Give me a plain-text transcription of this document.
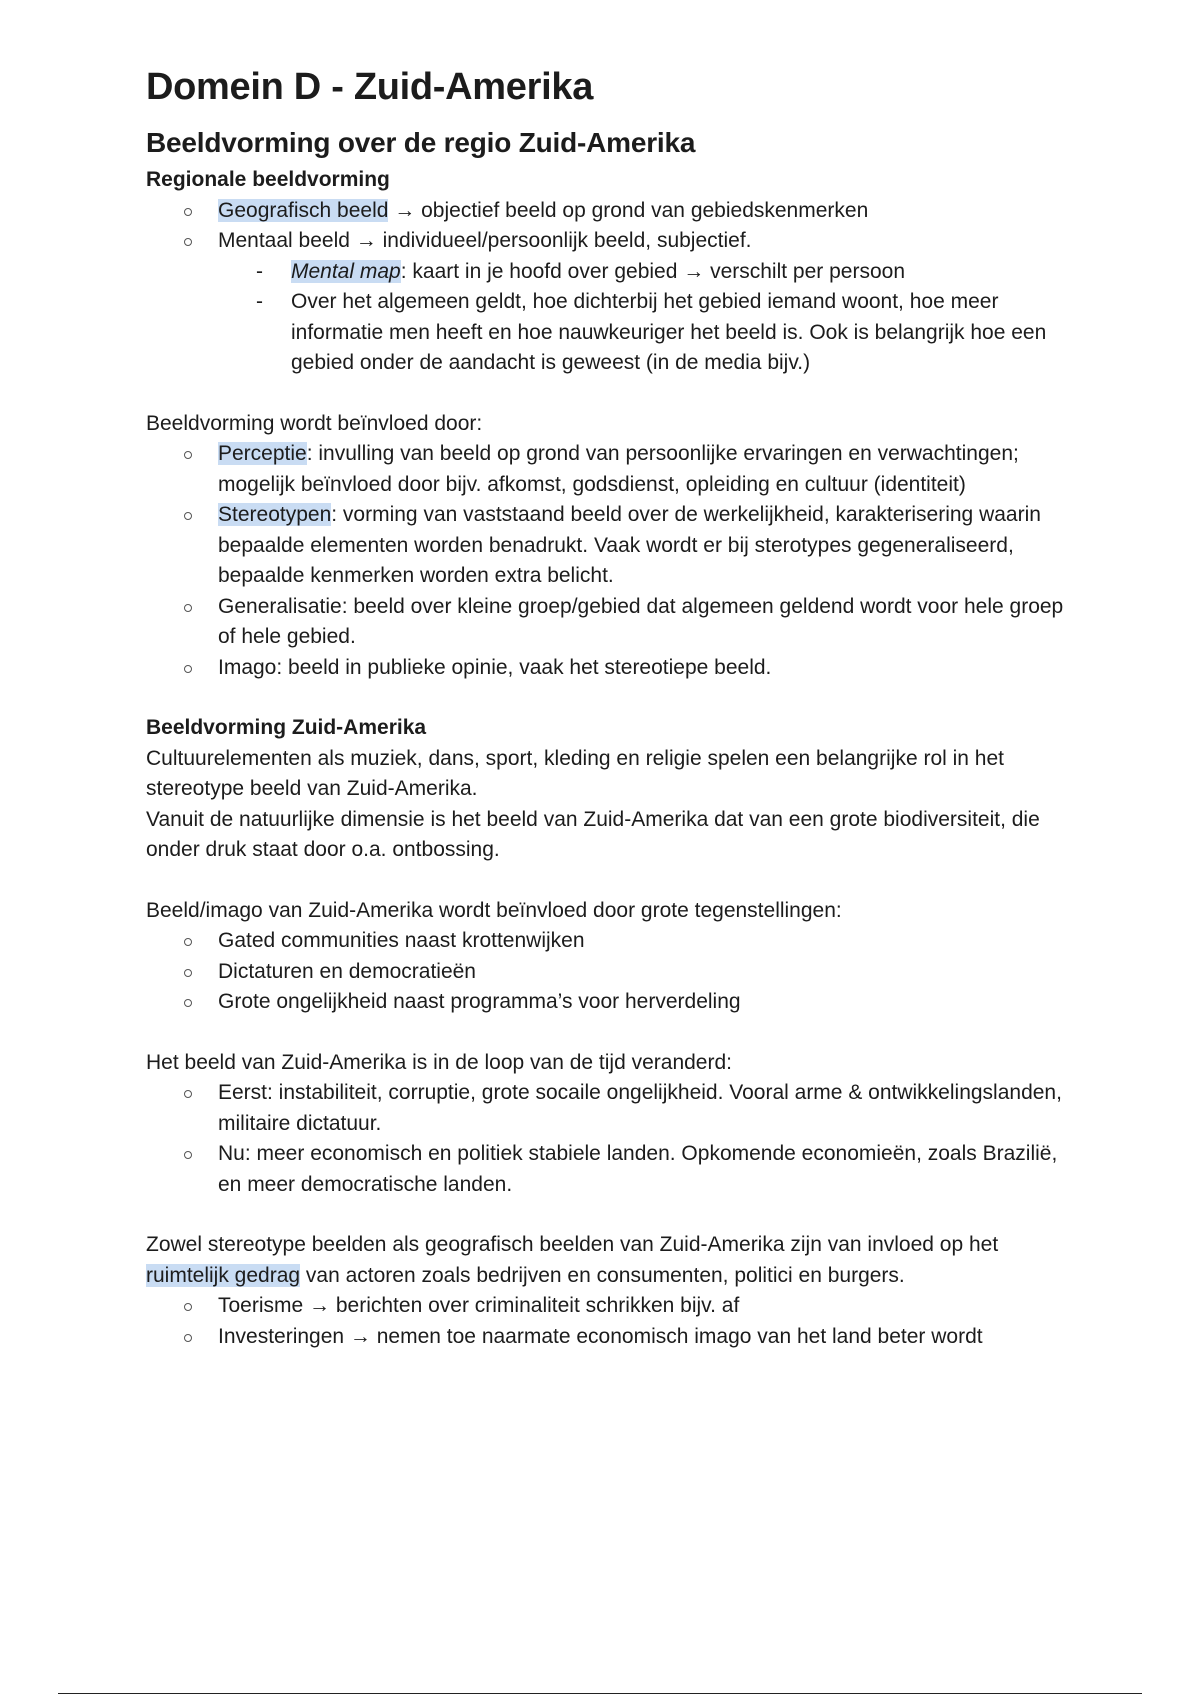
Domein D - Zuid-Amerika
Beeldvorming over de regio Zuid-Amerika

Regionale beeldvorming

Geografisch beeld → objectief beeld op grond van gebiedskenmerken
Mentaal beeld → individueel/persoonlijk beeld, subjectief.
- Mental map: kaart in je hoofd over gebied → verschilt per persoon
- Over het algemeen geldt, hoe dichterbij het gebied iemand woont, hoe meer informatie men heeft en hoe nauwkeuriger het beeld is. Ook is belangrijk hoe een gebied onder de aandacht is geweest (in de media bijv.)

Beeldvorming wordt beïnvloed door:

Perceptie: invulling van beeld op grond van persoonlijke ervaringen en verwachtingen; mogelijk beïnvloed door bijv. afkomst, godsdienst, opleiding en cultuur (identiteit)
Stereotypen: vorming van vaststaand beeld over de werkelijkheid, karakterisering waarin bepaalde elementen worden benadrukt. Vaak wordt er bij sterotypes gegeneraliseerd, bepaalde kenmerken worden extra belicht.
Generalisatie: beeld over kleine groep/gebied dat algemeen geldend wordt voor hele groep of hele gebied.
Imago: beeld in publieke opinie, vaak het stereotiepe beeld.

Beeldvorming Zuid-Amerika

Cultuurelementen als muziek, dans, sport, kleding en religie spelen een belangrijke rol in het stereotype beeld van Zuid-Amerika.

Vanuit de natuurlijke dimensie is het beeld van Zuid-Amerika dat van een grote biodiversiteit, die onder druk staat door o.a. ontbossing.

Beeld/imago van Zuid-Amerika wordt beïnvloed door grote tegenstellingen:

Gated communities naast krottenwijken
Dictaturen en democratieën
Grote ongelijkheid naast programma’s voor herverdeling

Het beeld van Zuid-Amerika is in de loop van de tijd veranderd:

Eerst: instabiliteit, corruptie, grote socaile ongelijkheid. Vooral arme & ontwikkelingslanden, militaire dictatuur.
Nu: meer economisch en politiek stabiele landen. Opkomende economieën, zoals Brazilië, en meer democratische landen.

Zowel stereotype beelden als geografisch beelden van Zuid-Amerika zijn van invloed op het ruimtelijk gedrag van actoren zoals bedrijven en consumenten, politici en burgers.

Toerisme → berichten over criminaliteit schrikken bijv. af
Investeringen → nemen toe naarmate economisch imago van het land beter wordt
